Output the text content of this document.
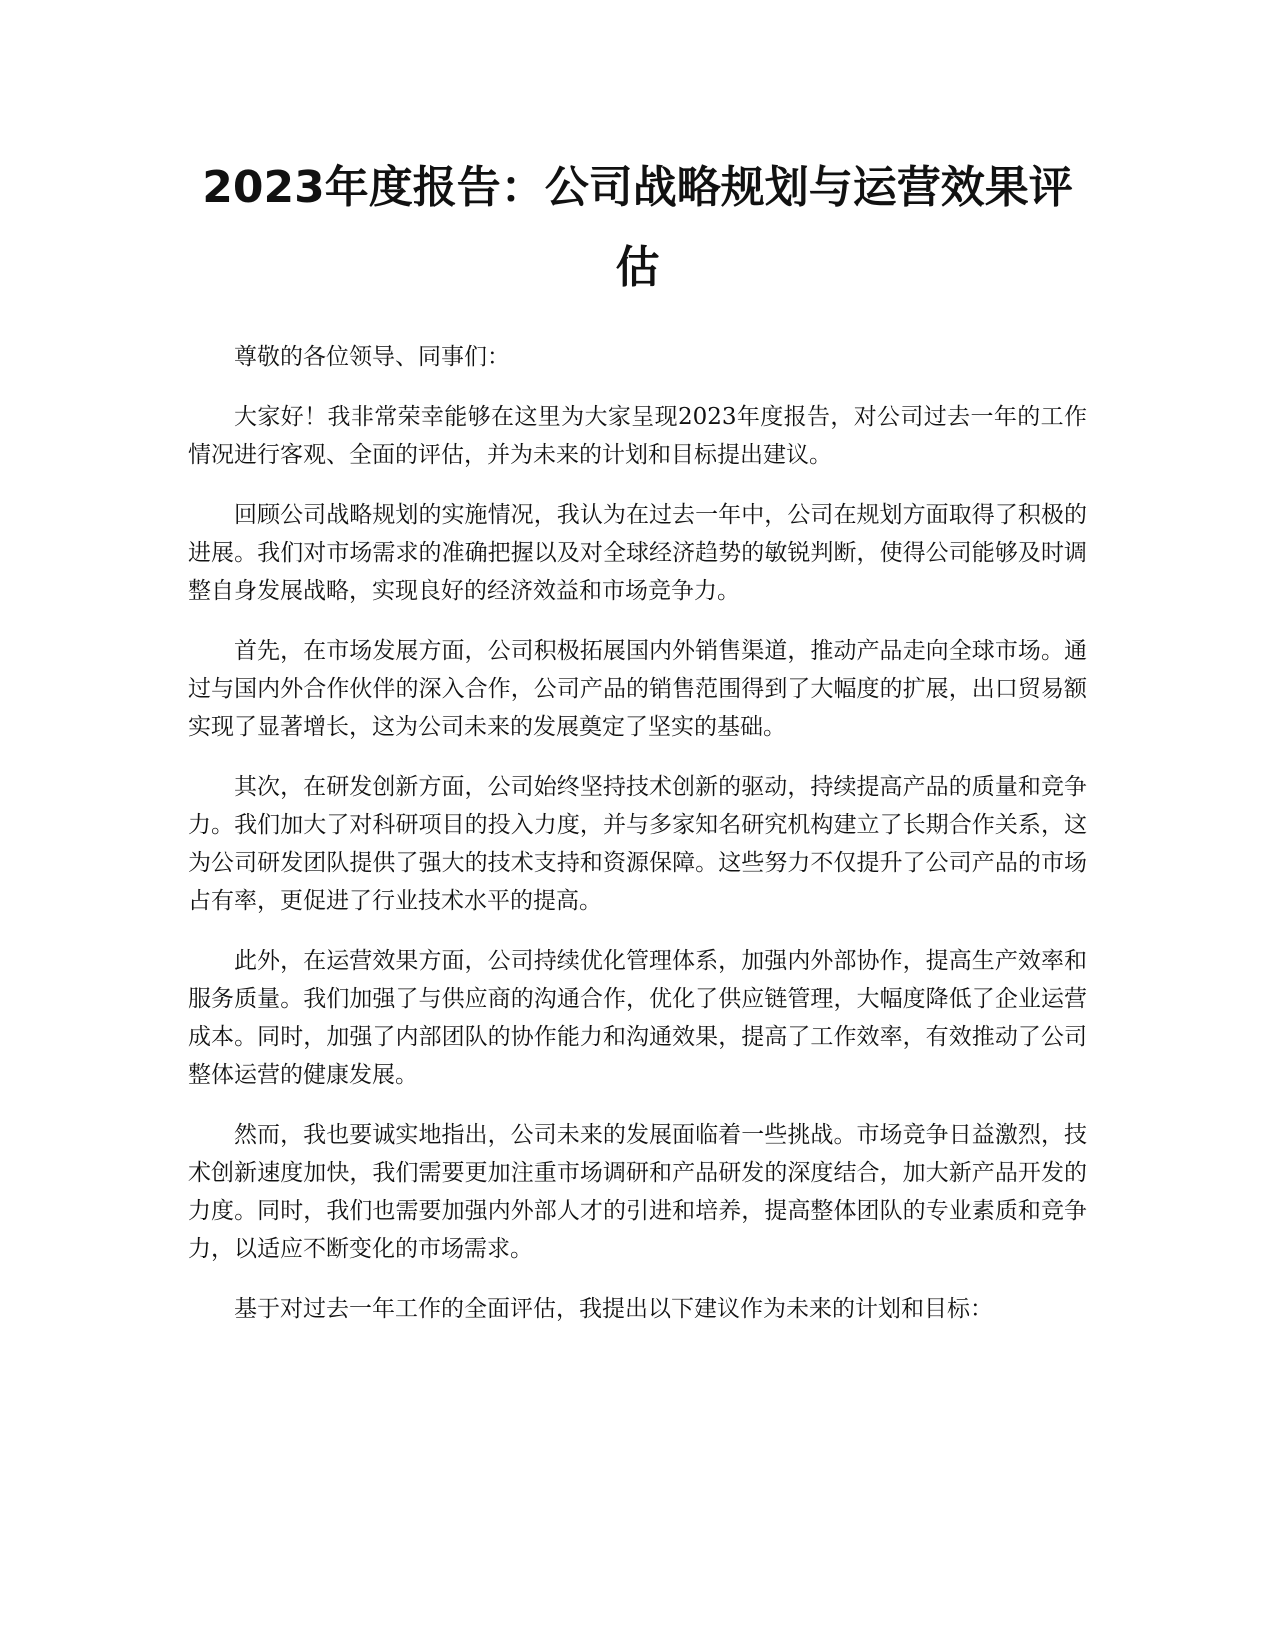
2023年度报告：公司战略规划与运营效果评估

尊敬的各位领导、同事们：

大家好！我非常荣幸能够在这里为大家呈现2023年度报告，对公司过去一年的工作情况进行客观、全面的评估，并为未来的计划和目标提出建议。

回顾公司战略规划的实施情况，我认为在过去一年中，公司在规划方面取得了积极的进展。我们对市场需求的准确把握以及对全球经济趋势的敏锐判断，使得公司能够及时调整自身发展战略，实现良好的经济效益和市场竞争力。

首先，在市场发展方面，公司积极拓展国内外销售渠道，推动产品走向全球市场。通过与国内外合作伙伴的深入合作，公司产品的销售范围得到了大幅度的扩展，出口贸易额实现了显著增长，这为公司未来的发展奠定了坚实的基础。

其次，在研发创新方面，公司始终坚持技术创新的驱动，持续提高产品的质量和竞争力。我们加大了对科研项目的投入力度，并与多家知名研究机构建立了长期合作关系，这为公司研发团队提供了强大的技术支持和资源保障。这些努力不仅提升了公司产品的市场占有率，更促进了行业技术水平的提高。

此外，在运营效果方面，公司持续优化管理体系，加强内外部协作，提高生产效率和服务质量。我们加强了与供应商的沟通合作，优化了供应链管理，大幅度降低了企业运营成本。同时，加强了内部团队的协作能力和沟通效果，提高了工作效率，有效推动了公司整体运营的健康发展。

然而，我也要诚实地指出，公司未来的发展面临着一些挑战。市场竞争日益激烈，技术创新速度加快，我们需要更加注重市场调研和产品研发的深度结合，加大新产品开发的力度。同时，我们也需要加强内外部人才的引进和培养，提高整体团队的专业素质和竞争力，以适应不断变化的市场需求。

基于对过去一年工作的全面评估，我提出以下建议作为未来的计划和目标：
